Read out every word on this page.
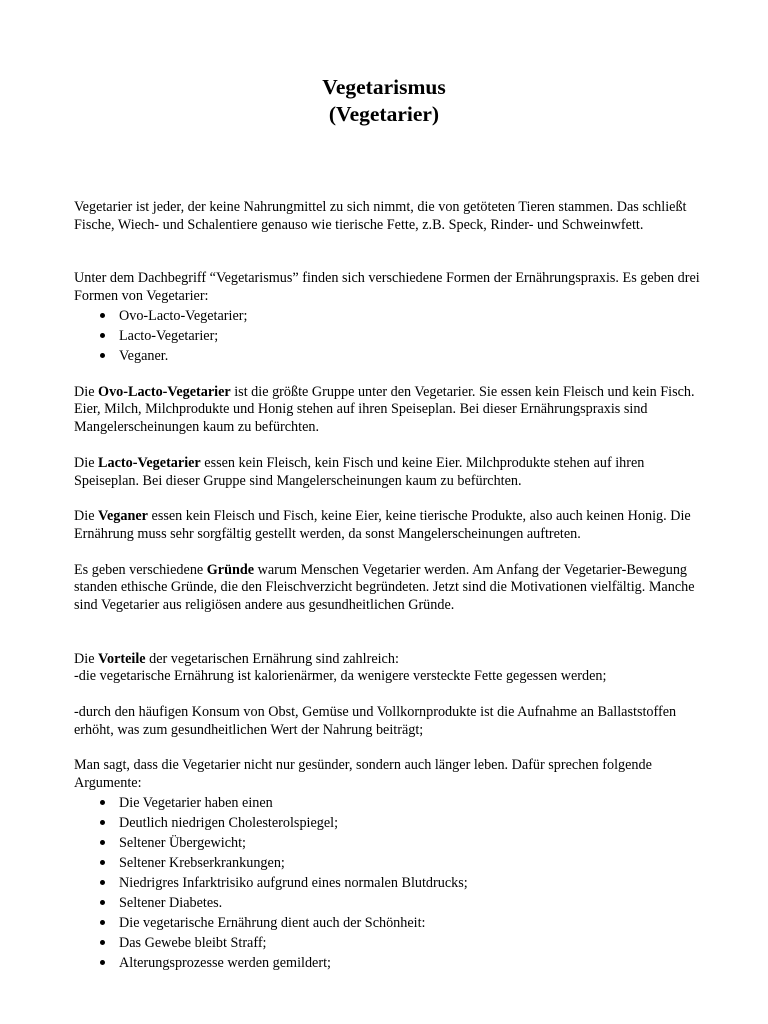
Vegetarismus
(Vegetarier)

Vegetarier ist jeder, der keine Nahrungmittel zu sich nimmt, die von getöteten Tieren stammen. Das schließt Fische, Wiech- und Schalentiere genauso wie tierische Fette, z.B. Speck, Rinder- und Schweinwfett.

Unter dem Dachbegriff “Vegetarismus” finden sich verschiedene Formen der Ernährungspraxis. Es geben drei Formen von Vegetarier:

Ovo-Lacto-Vegetarier;
Lacto-Vegetarier;
Veganer.

Die Ovo-Lacto-Vegetarier ist die größte Gruppe unter den Vegetarier. Sie essen kein Fleisch und kein Fisch. Eier, Milch, Milchprodukte und Honig stehen auf ihren Speiseplan. Bei dieser Ernährungspraxis sind Mangelerscheinungen kaum zu befürchten.

Die Lacto-Vegetarier essen kein Fleisch, kein Fisch und keine Eier. Milchprodukte stehen auf ihren Speiseplan. Bei dieser Gruppe sind Mangelerscheinungen kaum zu befürchten.

Die Veganer essen kein Fleisch und Fisch, keine Eier, keine tierische Produkte, also auch keinen Honig. Die Ernährung muss sehr sorgfältig gestellt werden, da sonst Mangelerscheinungen auftreten.

Es geben verschiedene Gründe warum Menschen Vegetarier werden. Am Anfang der Vegetarier-Bewegung standen ethische Gründe, die den Fleischverzicht begründeten. Jetzt sind die Motivationen vielfältig. Manche sind Vegetarier aus religiösen andere aus gesundheitlichen Gründe.

Die Vorteile der vegetarischen Ernährung sind zahlreich:

-die vegetarische Ernährung ist kalorienärmer, da wenigere versteckte Fette gegessen werden;

-durch den häufigen Konsum von Obst, Gemüse und Vollkornprodukte ist die Aufnahme an Ballaststoffen erhöht, was zum gesundheitlichen Wert der Nahrung beiträgt;

Man sagt, dass die Vegetarier nicht nur gesünder, sondern auch länger leben. Dafür sprechen folgende Argumente:

Die Vegetarier haben einen
Deutlich niedrigen Cholesterolspiegel;
Seltener Übergewicht;
Seltener Krebserkrankungen;
Niedrigres Infarktrisiko aufgrund eines normalen Blutdrucks;
Seltener Diabetes.
Die vegetarische Ernährung dient auch der Schönheit:
Das Gewebe bleibt Straff;
Alterungsprozesse werden gemildert;
